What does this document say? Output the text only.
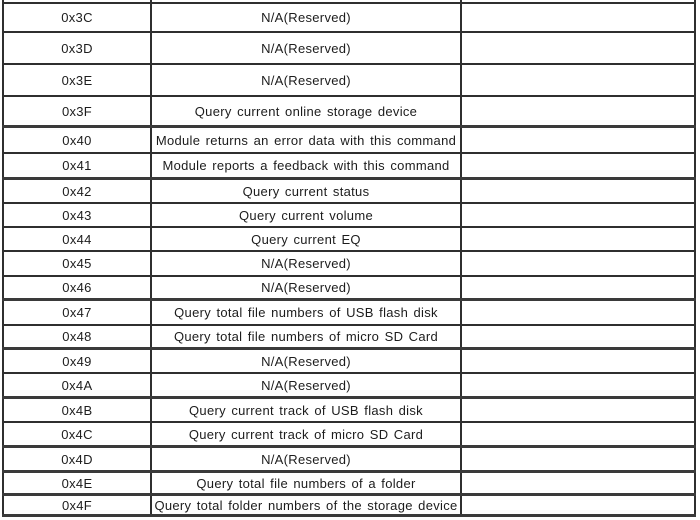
0x3C	N/A(Reserved)
0x3D	N/A(Reserved)
0x3E	N/A(Reserved)
0x3F	Query current online storage device
0x40	Module returns an error data with this command
0x41	Module reports a feedback with this command
0x42	Query current status
0x43	Query current volume
0x44	Query current EQ
0x45	N/A(Reserved)
0x46	N/A(Reserved)
0x47	Query total file numbers of USB flash disk
0x48	Query total file numbers of micro SD Card
0x49	N/A(Reserved)
0x4A	N/A(Reserved)
0x4B	Query current track of USB flash disk
0x4C	Query current track of micro SD Card
0x4D	N/A(Reserved)
0x4E	Query total file numbers of a folder
0x4F	Query total folder numbers of the storage device
